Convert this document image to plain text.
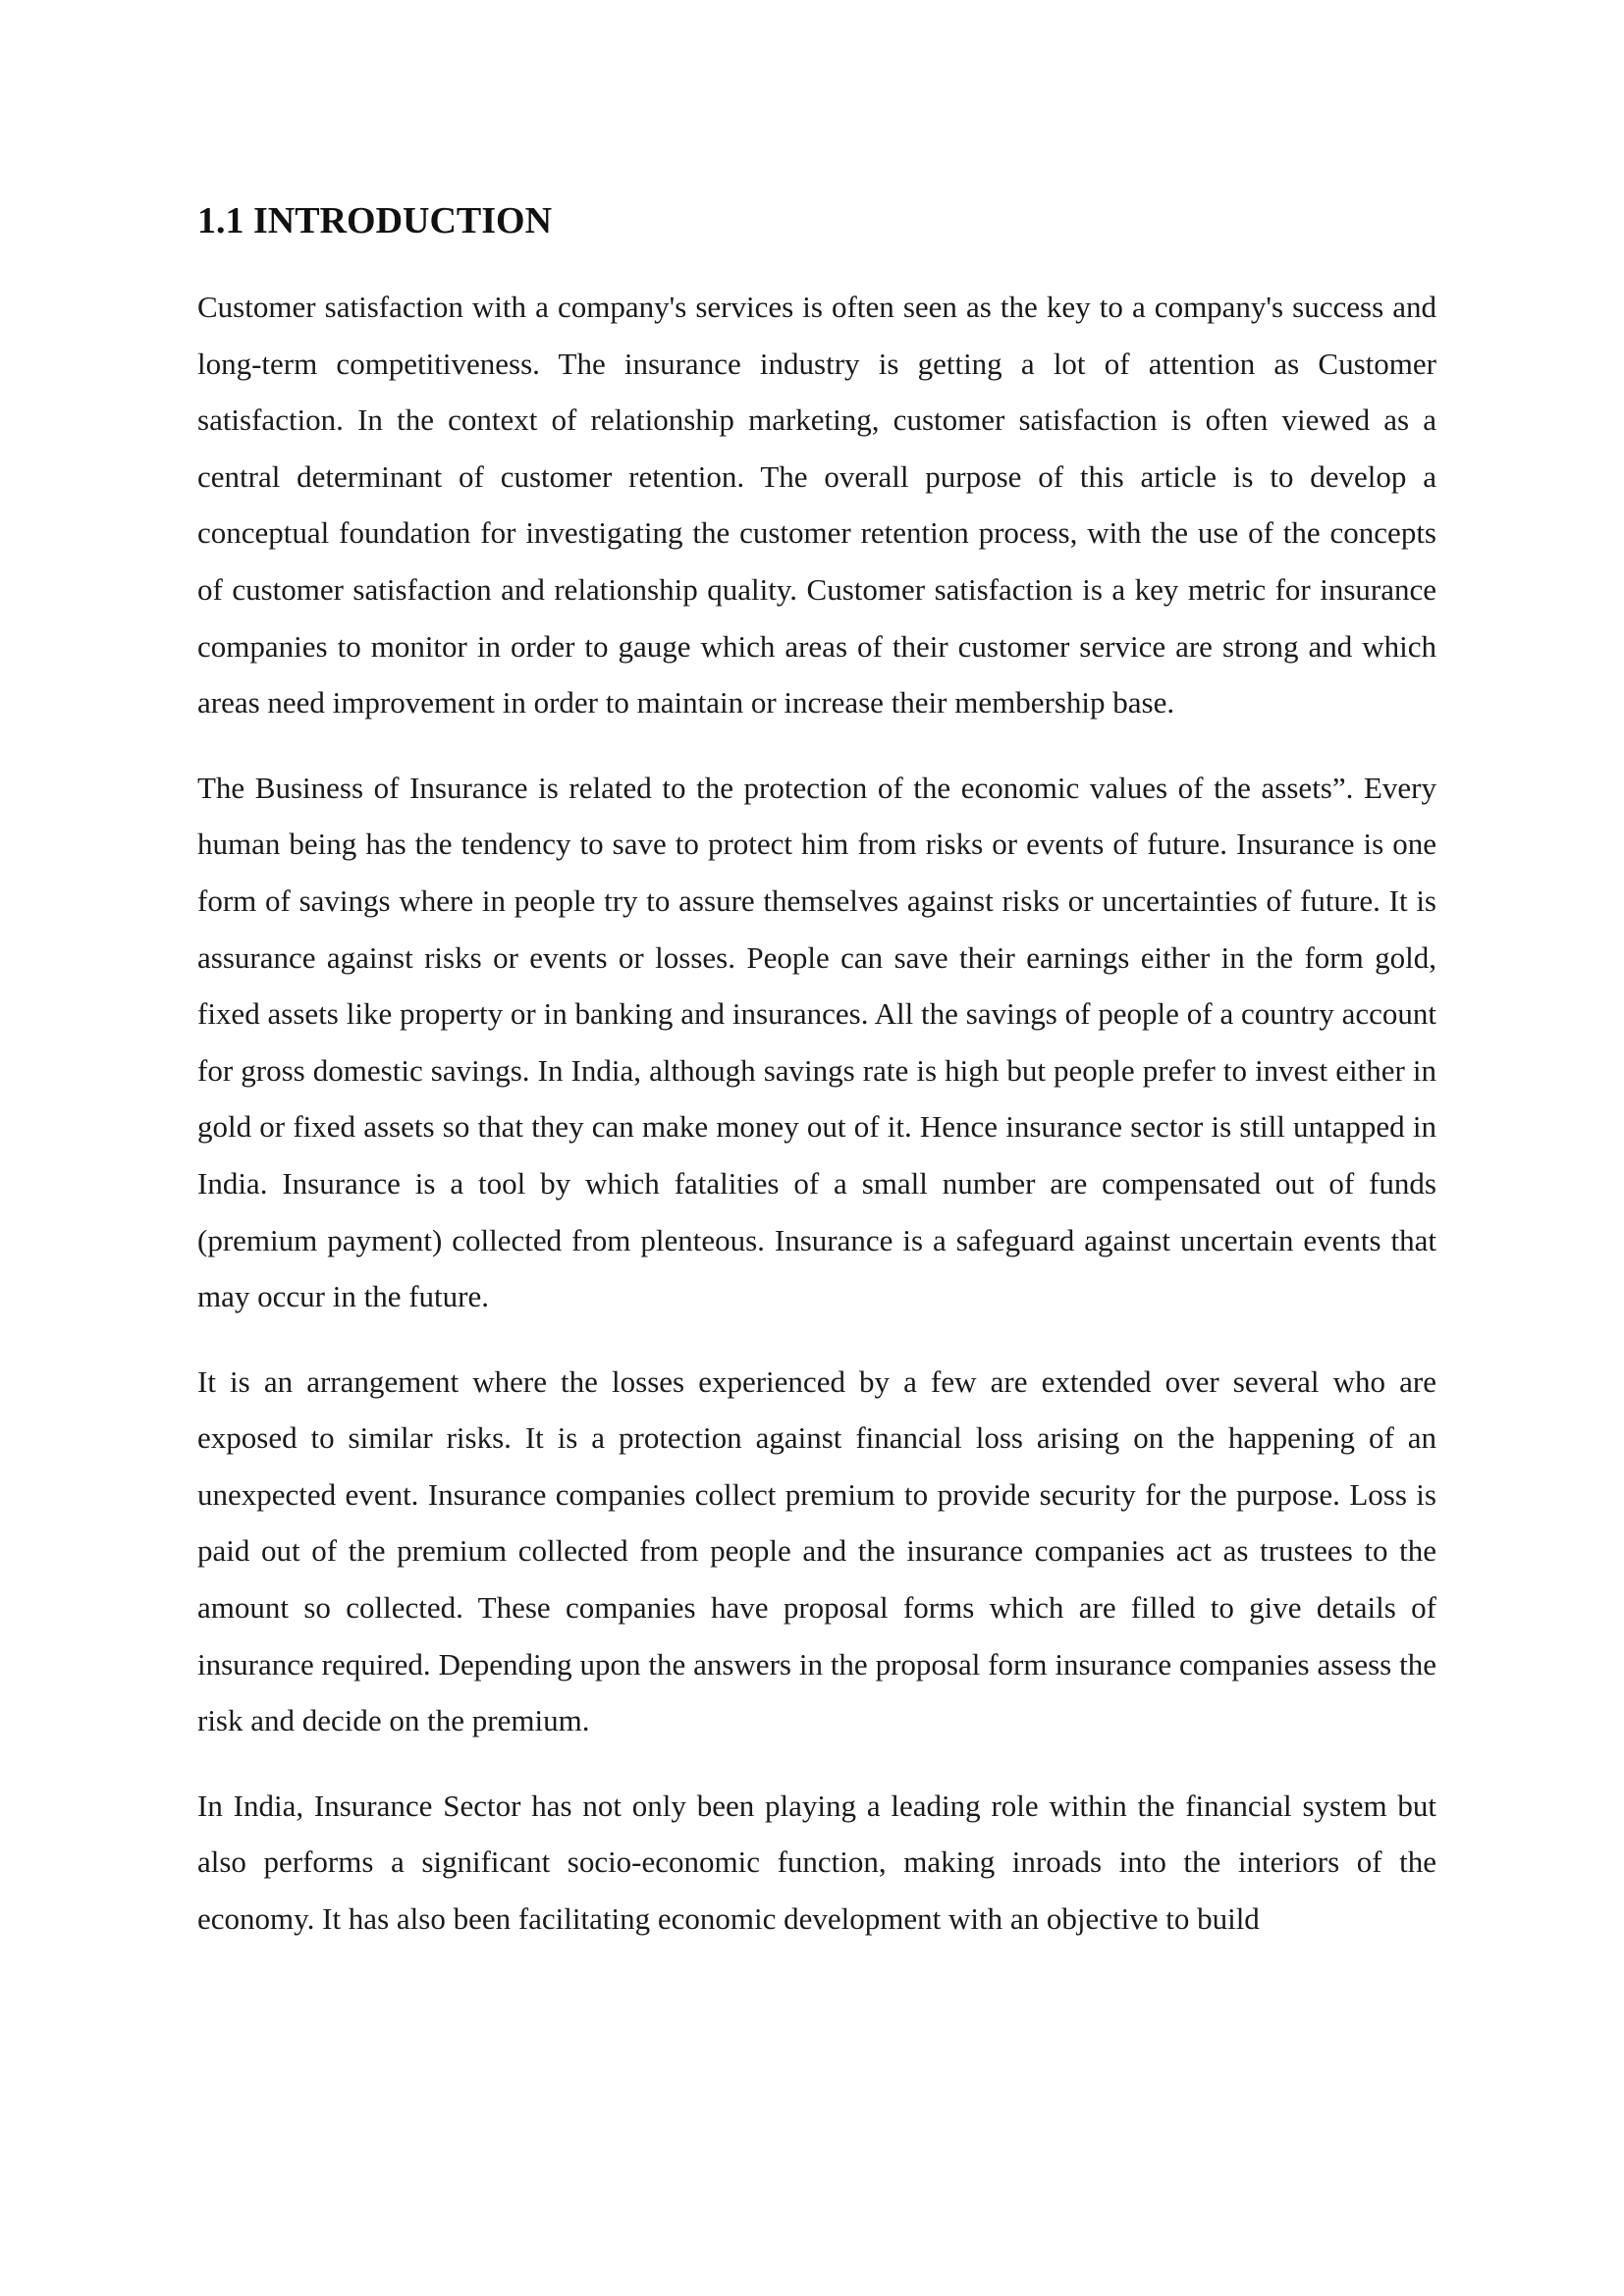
1.1 INTRODUCTION

Customer satisfaction with a company's services is often seen as the key to a company's success and long-term competitiveness. The insurance industry is getting a lot of attention as Customer satisfaction. In the context of relationship marketing, customer satisfaction is often viewed as a central determinant of customer retention. The overall purpose of this article is to develop a conceptual foundation for investigating the customer retention process, with the use of the concepts of customer satisfaction and relationship quality. Customer satisfaction is a key metric for insurance companies to monitor in order to gauge which areas of their customer service are strong and which areas need improvement in order to maintain or increase their membership base.

The Business of Insurance is related to the protection of the economic values of the assets”. Every human being has the tendency to save to protect him from risks or events of future. Insurance is one form of savings where in people try to assure themselves against risks or uncertainties of future. It is assurance against risks or events or losses. People can save their earnings either in the form gold, fixed assets like property or in banking and insurances. All the savings of people of a country account for gross domestic savings. In India, although savings rate is high but people prefer to invest either in gold or fixed assets so that they can make money out of it. Hence insurance sector is still untapped in India. Insurance is a tool by which fatalities of a small number are compensated out of funds (premium payment) collected from plenteous. Insurance is a safeguard against uncertain events that may occur in the future.

It is an arrangement where the losses experienced by a few are extended over several who are exposed to similar risks. It is a protection against financial loss arising on the happening of an unexpected event. Insurance companies collect premium to provide security for the purpose. Loss is paid out of the premium collected from people and the insurance companies act as trustees to the amount so collected. These companies have proposal forms which are filled to give details of insurance required. Depending upon the answers in the proposal form insurance companies assess the risk and decide on the premium.

In India, Insurance Sector has not only been playing a leading role within the financial system but also performs a significant socio-economic function, making inroads into the interiors of the economy. It has also been facilitating economic development with an objective to build
